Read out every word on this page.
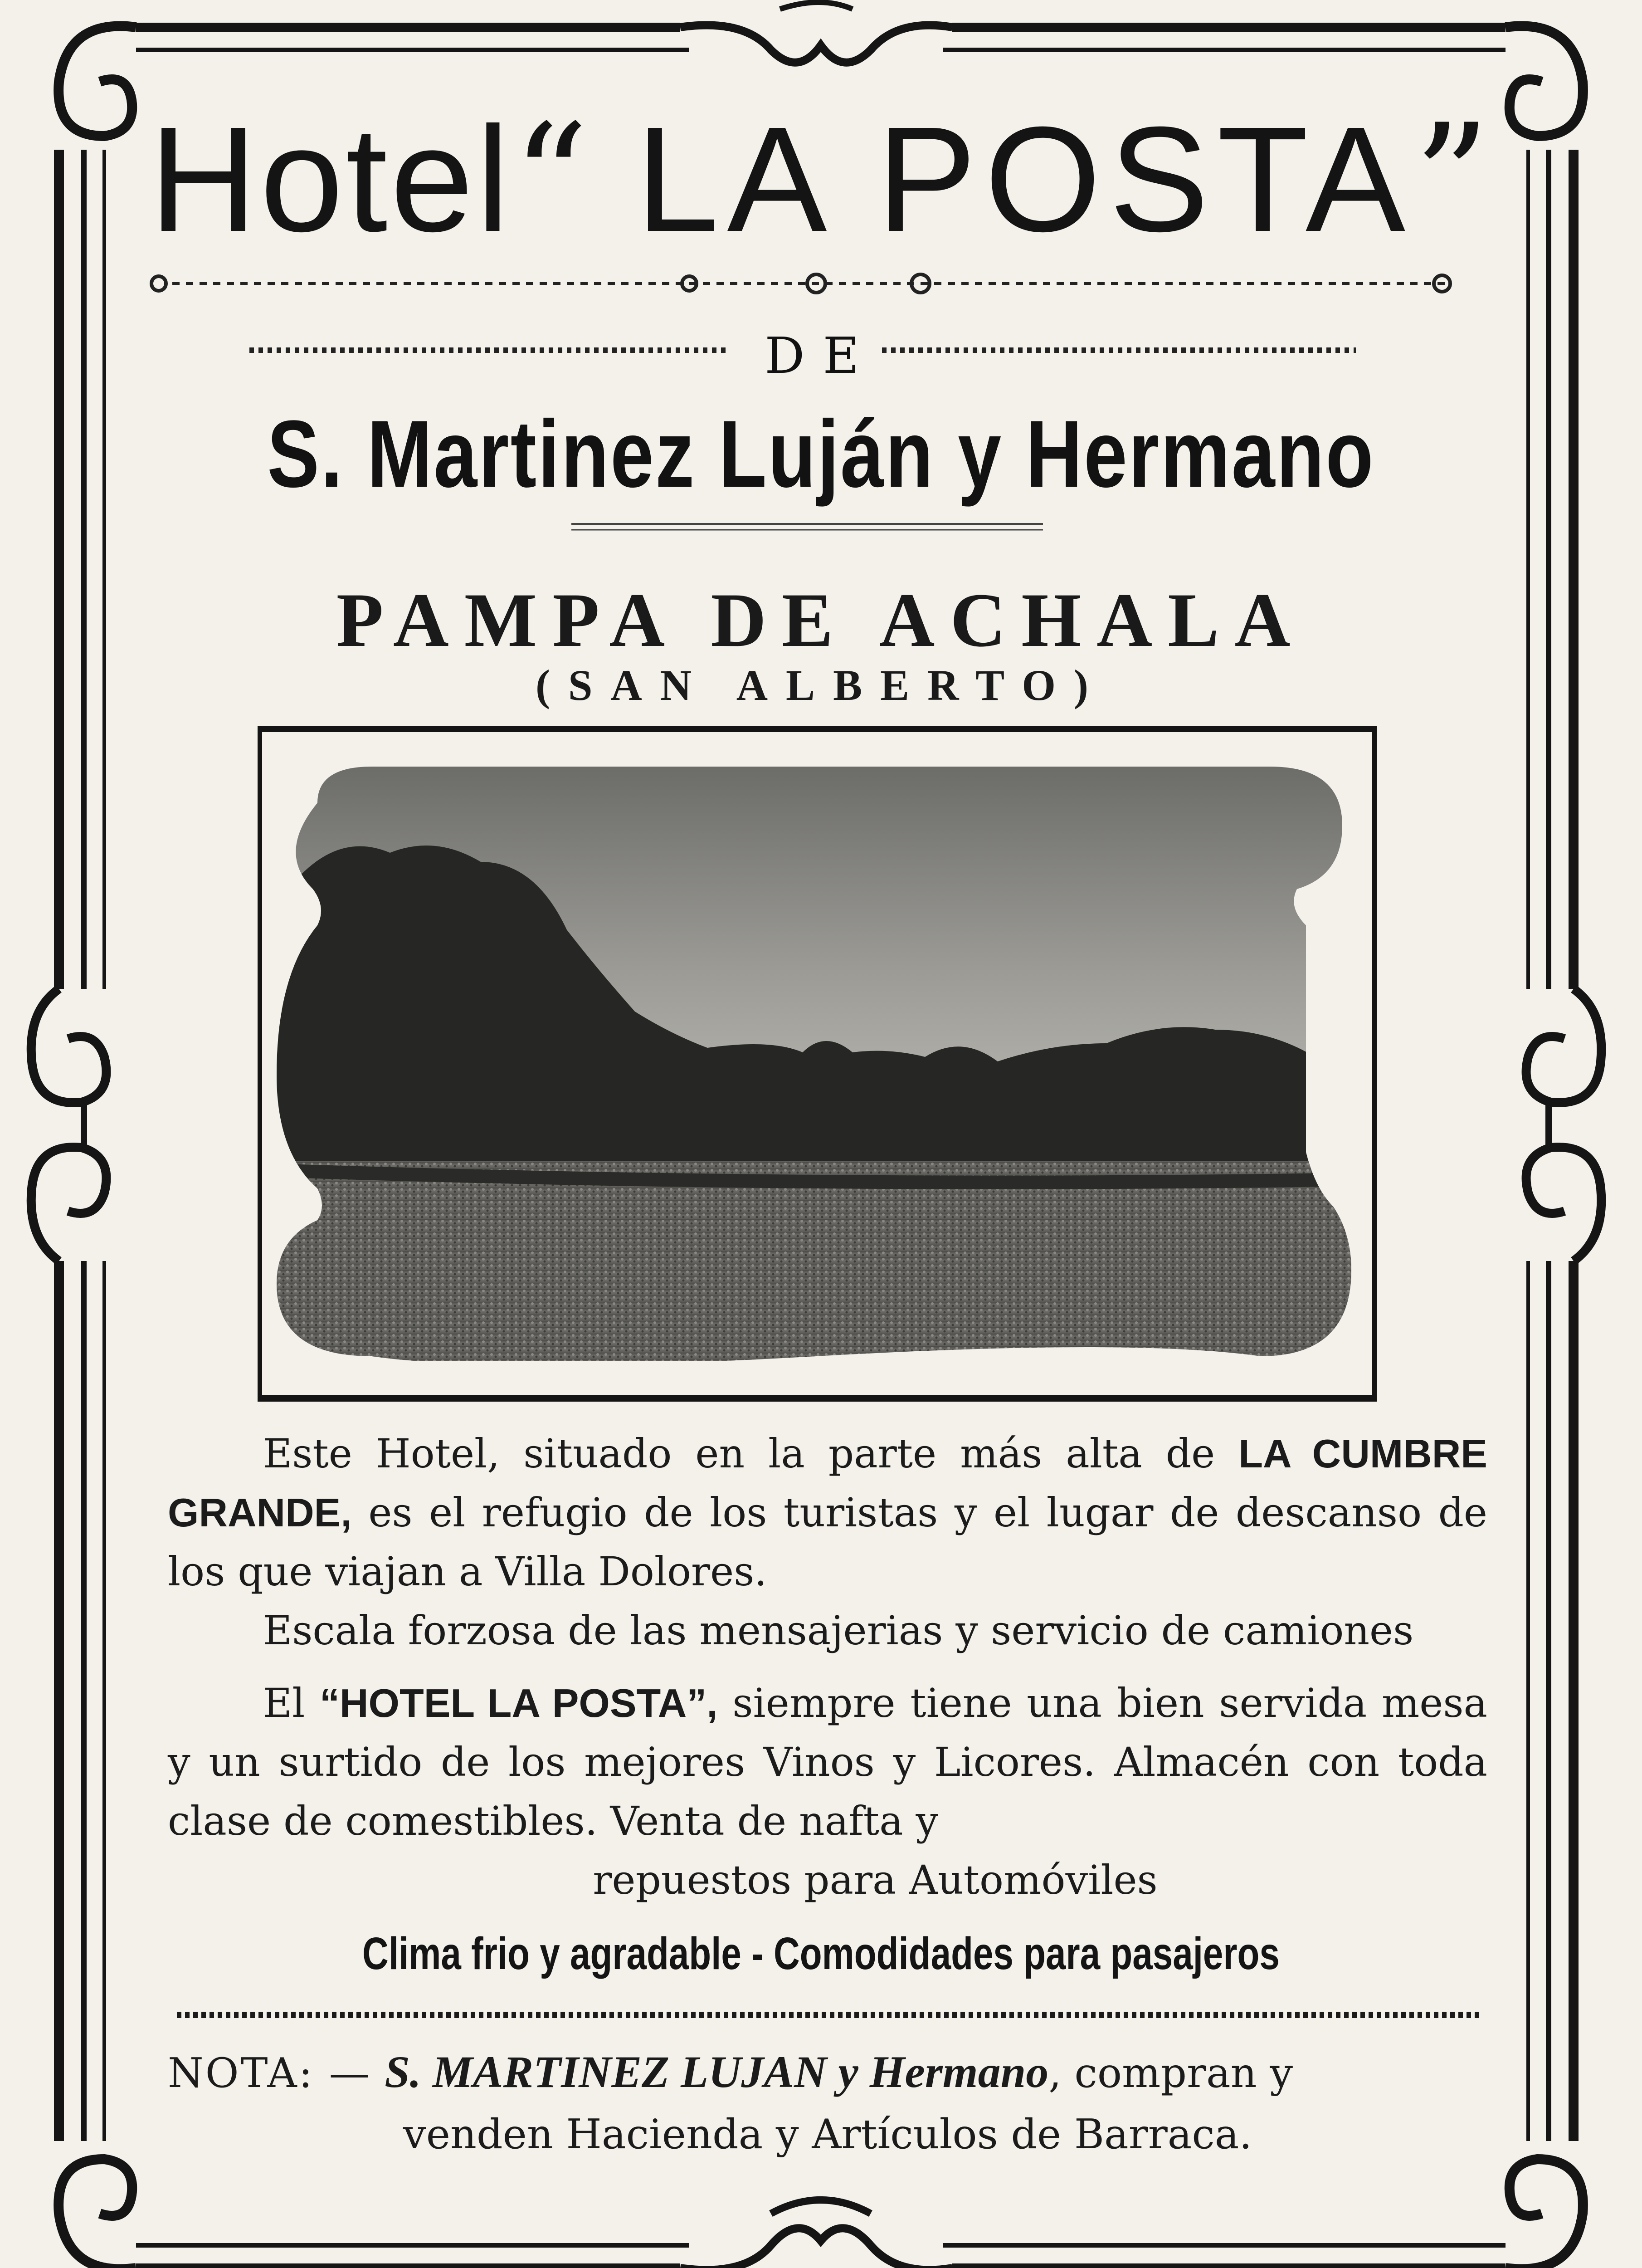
Hotel“ LA POSTA”
DE
S. Martinez Luján y Hermano
PAMPA DE ACHALA
(SAN ALBERTO)

Este Hotel, situado en la parte más alta de LA CUMBRE GRANDE, es el refugio de los turistas y el lugar de descanso de los que viajan a Villa Dolores.

Escala forzosa de las mensajerias y servicio de camiones

El “HOTEL LA POSTA”, siempre tiene una bien servida mesa y un surtido de los mejores Vinos y Licores. Almacén con toda clase de comestibles. Venta de nafta y
repuestos para Automóviles

Clima frio y agradable - Comodidades para pasajeros

NOTA: — S. MARTINEZ LUJAN y Hermano, compran y
venden Hacienda y Artículos de Barraca.
